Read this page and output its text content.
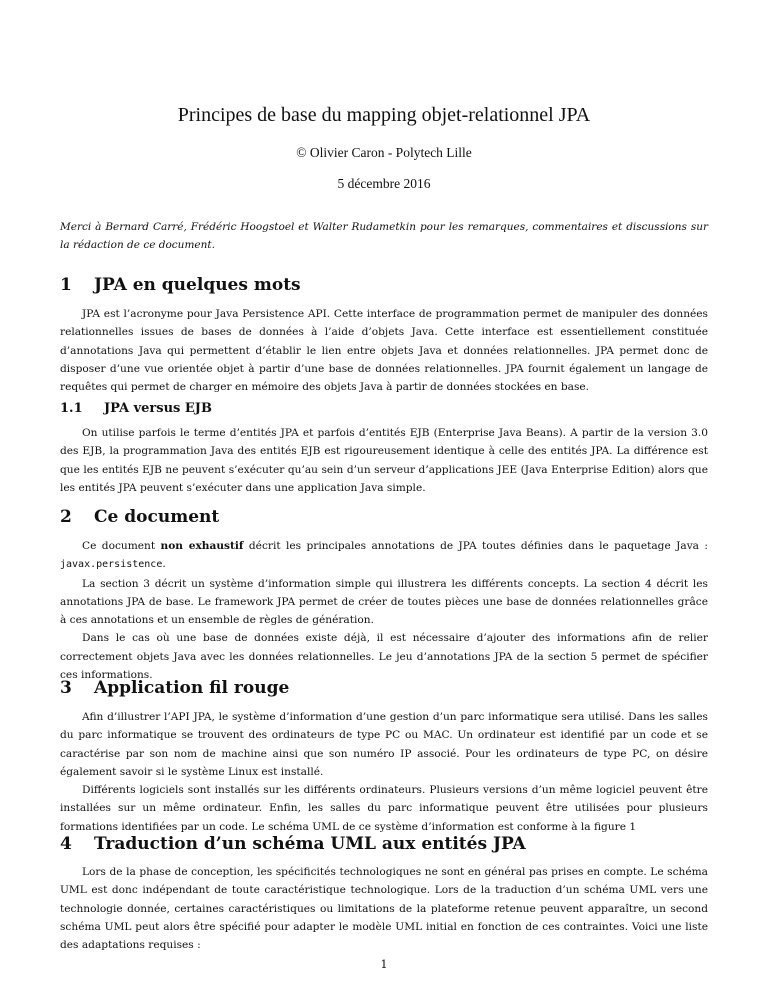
Principes de base du mapping objet-relationnel JPA
© Olivier Caron - Polytech Lille
5 décembre 2016
Merci à Bernard Carré, Frédéric Hoogstoel et Walter Rudametkin pour les remarques, commentaires et discussions sur la rédaction de ce document.
1 JPA en quelques mots

JPA est l’acronyme pour Java Persistence API. Cette interface de programmation permet de manipuler des données relationnelles issues de bases de données à l’aide d’objets Java. Cette interface est essentiellement constituée d’annotations Java qui permettent d’établir le lien entre objets Java et données relationnelles. JPA permet donc de disposer d’une vue orientée objet à partir d’une base de données relationnelles. JPA fournit également un langage de requêtes qui permet de charger en mémoire des objets Java à partir de données stockées en base.

1.1 JPA versus EJB

On utilise parfois le terme d’entités JPA et parfois d’entités EJB (Enterprise Java Beans). A partir de la version 3.0 des EJB, la programmation Java des entités EJB est rigoureusement identique à celle des entités JPA. La différence est que les entités EJB ne peuvent s’exécuter qu’au sein d’un serveur d’applications JEE (Java Enterprise Edition) alors que les entités JPA peuvent s’exécuter dans une application Java simple.

2 Ce document

Ce document non exhaustif décrit les principales annotations de JPA toutes définies dans le paquetage Java : javax.persistence.

La section 3 décrit un système d’information simple qui illustrera les différents concepts. La section 4 décrit les annotations JPA de base. Le framework JPA permet de créer de toutes pièces une base de données relationnelles grâce à ces annotations et un ensemble de règles de génération.

Dans le cas où une base de données existe déjà, il est nécessaire d’ajouter des informations afin de relier correctement objets Java avec les données relationnelles. Le jeu d’annotations JPA de la section 5 permet de spécifier ces informations.

3 Application fil rouge

Afin d’illustrer l’API JPA, le système d’information d’une gestion d’un parc informatique sera utilisé. Dans les salles du parc informatique se trouvent des ordinateurs de type PC ou MAC. Un ordinateur est identifié par un code et se caractérise par son nom de machine ainsi que son numéro IP associé. Pour les ordinateurs de type PC, on désire également savoir si le système Linux est installé.

Différents logiciels sont installés sur les différents ordinateurs. Plusieurs versions d’un même logiciel peuvent être installées sur un même ordinateur. Enfin, les salles du parc informatique peuvent être utilisées pour plusieurs formations identifiées par un code. Le schéma UML de ce système d’information est conforme à la figure 1

4 Traduction d’un schéma UML aux entités JPA

Lors de la phase de conception, les spécificités technologiques ne sont en général pas prises en compte. Le schéma UML est donc indépendant de toute caractéristique technologique. Lors de la traduction d’un schéma UML vers une technologie donnée, certaines caractéristiques ou limitations de la plateforme retenue peuvent apparaître, un second schéma UML peut alors être spécifié pour adapter le modèle UML initial en fonction de ces contraintes. Voici une liste des adaptations requises :

1
